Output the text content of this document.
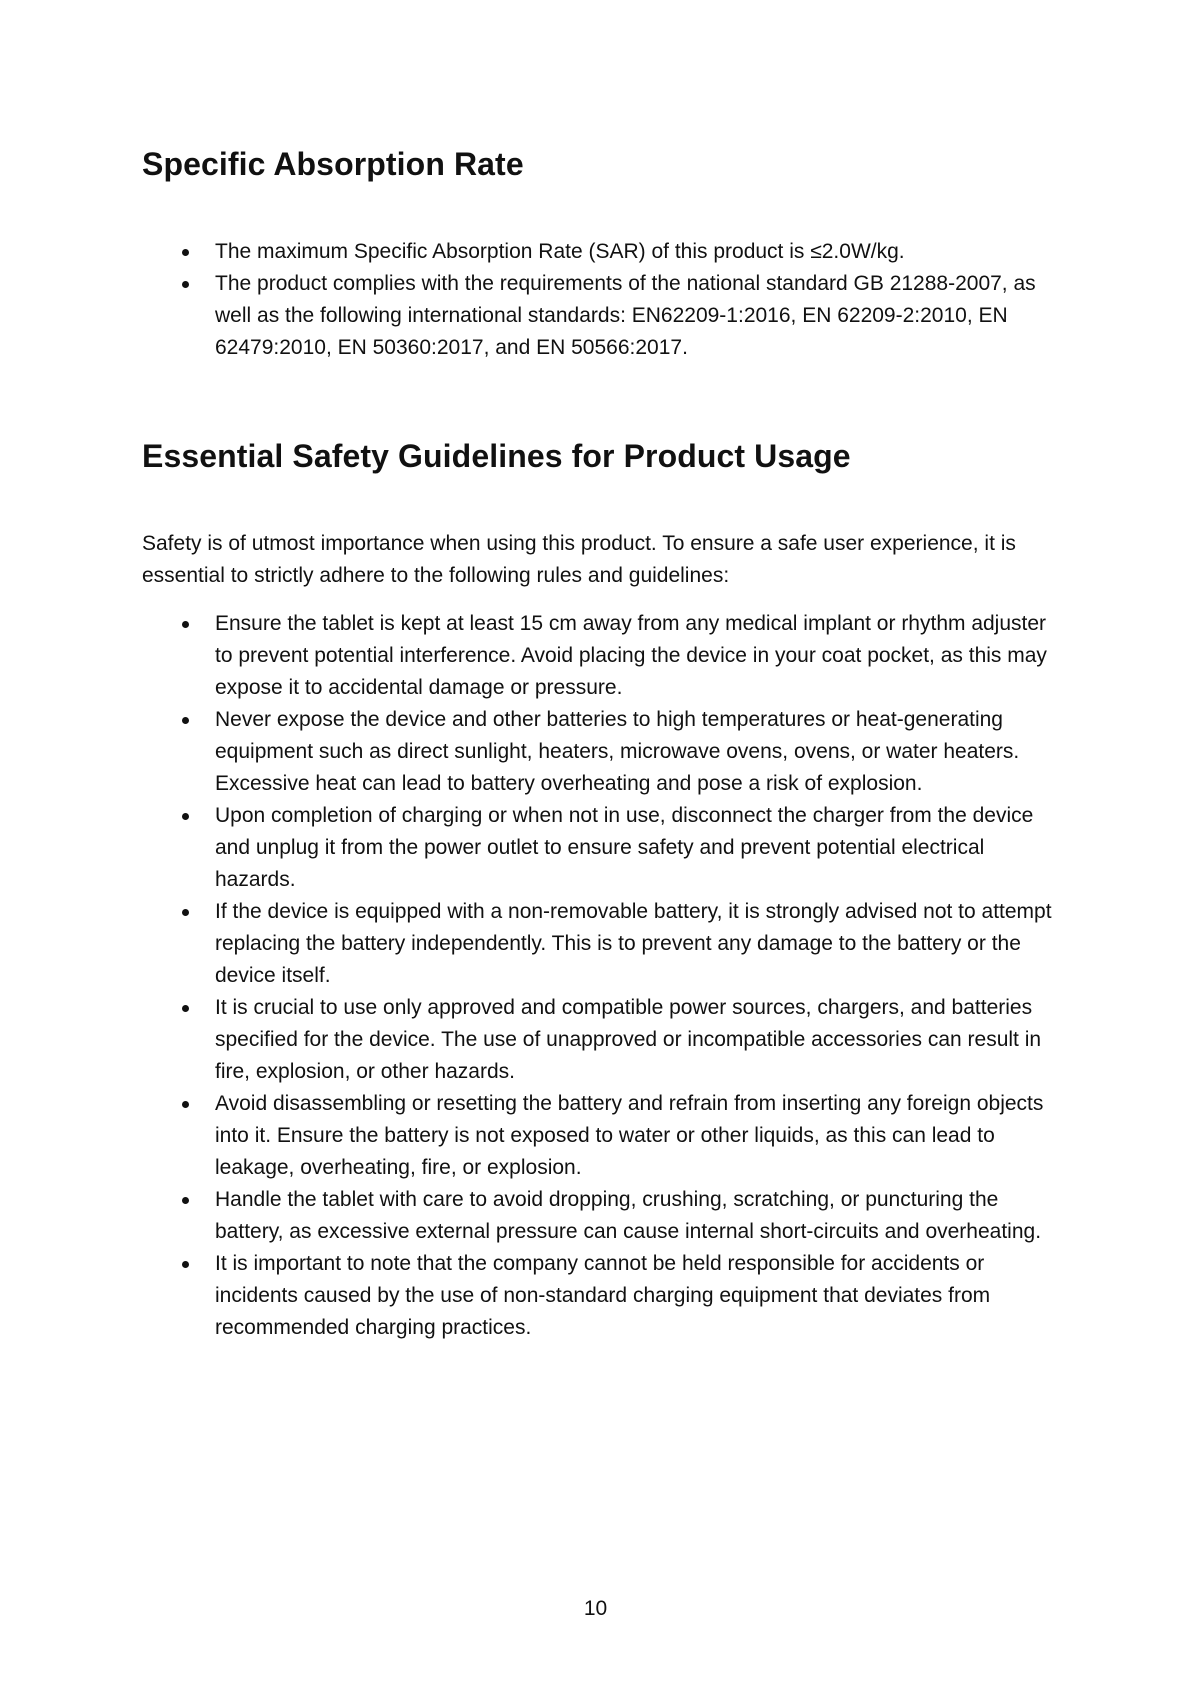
Specific Absorption Rate
The maximum Specific Absorption Rate (SAR) of this product is ≤2.0W/kg.
The product complies with the requirements of the national standard GB 21288-2007, as well as the following international standards: EN62209-1:2016, EN 62209-2:2010, EN 62479:2010, EN 50360:2017, and EN 50566:2017.
Essential Safety Guidelines for Product Usage

Safety is of utmost importance when using this product. To ensure a safe user experience, it is essential to strictly adhere to the following rules and guidelines:

Ensure the tablet is kept at least 15 cm away from any medical implant or rhythm adjuster to prevent potential interference. Avoid placing the device in your coat pocket, as this may expose it to accidental damage or pressure.
Never expose the device and other batteries to high temperatures or heat-generating equipment such as direct sunlight, heaters, microwave ovens, ovens, or water heaters. Excessive heat can lead to battery overheating and pose a risk of explosion.
Upon completion of charging or when not in use, disconnect the charger from the device and unplug it from the power outlet to ensure safety and prevent potential electrical hazards.
If the device is equipped with a non-removable battery, it is strongly advised not to attempt replacing the battery independently. This is to prevent any damage to the battery or the device itself.
It is crucial to use only approved and compatible power sources, chargers, and batteries specified for the device. The use of unapproved or incompatible accessories can result in fire, explosion, or other hazards.
Avoid disassembling or resetting the battery and refrain from inserting any foreign objects into it. Ensure the battery is not exposed to water or other liquids, as this can lead to leakage, overheating, fire, or explosion.
Handle the tablet with care to avoid dropping, crushing, scratching, or puncturing the battery, as excessive external pressure can cause internal short-circuits and overheating.
It is important to note that the company cannot be held responsible for accidents or incidents caused by the use of non-standard charging equipment that deviates from recommended charging practices.
10
